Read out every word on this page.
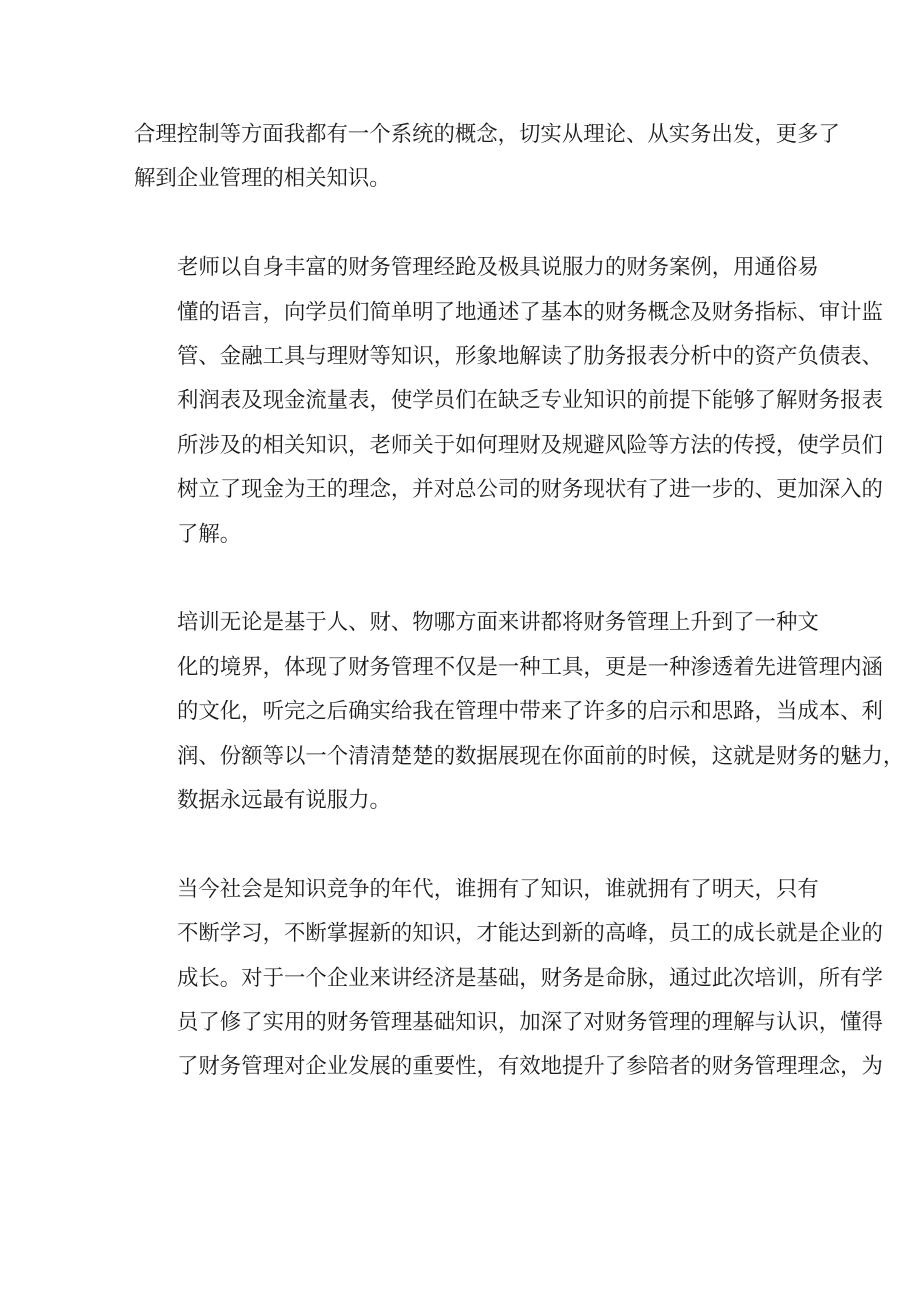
合理控制等方面我都有一个系统的概念，切实从理论、从实务出发，更多了
解到企业管理的相关知识。

老师以自身丰富的财务管理经跄及极具说服力的财务案例，用通俗易
懂的语言，向学员们简单明了地通述了基本的财务概念及财务指标、审计监
管、金融工具与理财等知识，形象地解读了肋务报表分析中的资产负债表、
利润表及现金流量表，使学员们在缺乏专业知识的前提下能够了解财务报表
所涉及的相关知识，老师关于如何理财及规避风险等方法的传授，使学员们
树立了现金为王的理念，并对总公司的财务现状有了进一步的、更加深入的
了解。

培训无论是基于人、财、物哪方面来讲都将财务管理上升到了一种文
化的境界，体现了财务管理不仅是一种工具，更是一种渗透着先进管理内涵
的文化，听完之后确实给我在管理中带来了许多的启示和思路，当成本、利
润、份额等以一个清清楚楚的数据展现在你面前的时候，这就是财务的魅力，
数据永远最有说服力。

当今社会是知识竞争的年代，谁拥有了知识，谁就拥有了明天，只有
不断学习，不断掌握新的知识，才能达到新的高峰，员工的成长就是企业的
成长。对于一个企业来讲经济是基础，财务是命脉，通过此次培训，所有学
员了修了实用的财务管理基础知识，加深了对财务管理的理解与认识，懂得
了财务管理对企业发展的重要性，有效地提升了参陪者的财务管理理念，为
